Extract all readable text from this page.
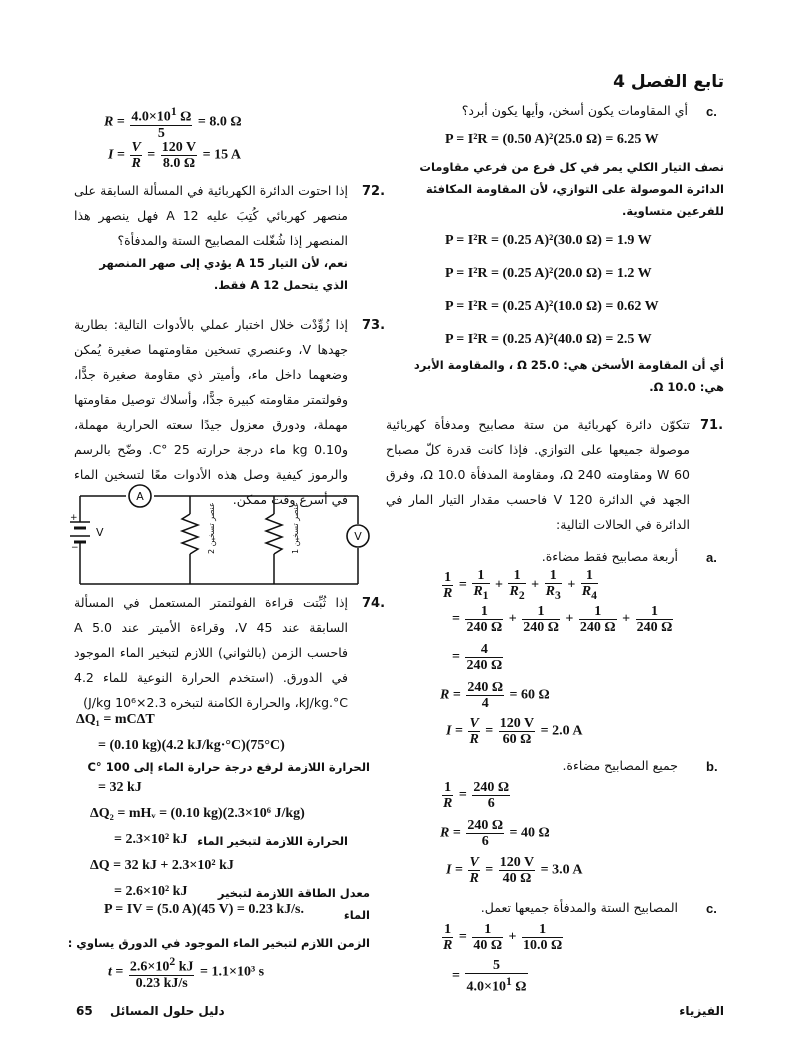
تابع الفصل 4
c.
أي المقاومات يكون أسخن، وأيها يكون أبرد؟
P = I²R = (0.50 A)²(25.0 Ω) = 6.25 W
نصف التيار الكلي يمر في كل فرع من فرعي مقاومات الدائرة الموصولة على التوازي، لأن المقاومة المكافئة للفرعين متساوية.
P = I²R = (0.25 A)²(30.0 Ω) = 1.9 W
P = I²R = (0.25 A)²(20.0 Ω) = 1.2 W
P = I²R = (0.25 A)²(10.0 Ω) = 0.62 W
P = I²R = (0.25 A)²(40.0 Ω) = 2.5 W
أي أن المقاومة الأسخن هي: 25.0 Ω ، والمقاومة الأبرد هي: 10.0 Ω.
71.
تتكوّن دائرة كهربائية من ستة مصابيح ومدفأة كهربائية موصولة جميعها على التوازي. فإذا كانت قدرة كلّ مصباح 60 W ومقاومته 240 Ω، ومقاومة المدفأة 10.0 Ω، وفرق الجهد في الدائرة 120 V فاحسب مقدار التيار المار في الدائرة في الحالات التالية:
a.
أربعة مصابيح فقط مضاءة.
$\frac{1}{R} = \frac{1}{R_1} + \frac{1}{R_2} + \frac{1}{R_3} + \frac{1}{R_4}$
= $\frac{1}{240 \Omega} + \frac{1}{240 \Omega} + \frac{1}{240 \Omega} + \frac{1}{240 \Omega}$
= $\frac{4}{240 \Omega}$
$R = \frac{240 \Omega}{4} = 60$ Ω
$I = \frac{V}{R} = \frac{120 V}{60 \Omega} = 2.0$ A
b.
جميع المصابيح مضاءة.
$\frac{1}{R} = \frac{240 \Omega}{6}$
$R = \frac{240 \Omega}{6} = 40$ Ω
$I = \frac{V}{R} = \frac{120 V}{40 \Omega} = 3.0$ A
c.
المصابيح الستة والمدفأة جميعها تعمل.
$\frac{1}{R} = \frac{1}{40 \Omega} + \frac{1}{10.0 \Omega}$
= $\frac{5}{4.0\times 10^1 \Omega}$
$R = \frac{4.0\times 10^1 \Omega}{5} = 8.0$ Ω
$I = \frac{V}{R} = \frac{120 V}{8.0 \Omega} = 15$ A
72.
إذا احتوت الدائرة الكهربائية في المسألة السابقة على منصهر كهربائي كُتِبَ عليه 12 A فهل ينصهر هذا المنصهر إذا شُغّلت المصابيح الستة والمدفأة؟
نعم، لأن التيار 15 A يؤدي إلى صهر المنصهر الذي يتحمل 12 A فقط.
73.
إذا زُوِّدْت خلال اختبار عملي بالأدوات التالية: بطارية جهدها V، وعنصري تسخين مقاومتهما صغيرة يُمكن وضعهما داخل ماء، وأميتر ذي مقاومة صغيرة جدًّا، وفولتمتر مقاومته كبيرة جدًّا، وأسلاك توصيل مقاومتها مهملة، ودورق معزول جيدًا سعته الحرارية مهملة، و0.10 kg ماء درجة حرارته 25 °C. وضّح بالرسم والرموز كيفية وصل هذه الأدوات معًا لتسخين الماء في أسرع وقت ممكن.
+
−
V
A
V
عنصر تسخين 2
عنصر تسخين 1
74.
إذا ثُبِّتت قراءة الفولتمتر المستعمل في المسألة السابقة عند 45 V، وقراءة الأميتر عند 5.0 A فاحسب الزمن (بالثواني) اللازم لتبخير الماء الموجود في الدورق. (استخدم الحرارة النوعية للماء 4.2 kJ/kg.°C، والحرارة الكامنة لتبخره 2.3×10⁶ J/kg)
ΔQ₁ = mCΔT
= (0.10 kg)(4.2 kJ/kg·°C)(75°C)
الحرارة اللازمة لرفع درجة حرارة الماء إلى 100 °C
= 32 kJ
ΔQ₂ = mHᵥ = (0.10 kg)(2.3×10⁶ J/kg)
= 2.3×10² kJ الحرارة اللازمة لتبخير الماء
ΔQ = 32 kJ + 2.3×10² kJ
= 2.6×10² kJ	معدل الطاقة اللازمة لتبخير الماء
P = IV = (5.0 A)(45 V) = 0.23 kJ/s.
الزمن اللازم لتبخير الماء الموجود في الدورق يساوي :
$t = \frac{2.6\times 10^2 kJ}{0.23 kJ/s} = 1.1\times 10^3$ s
الفيزياء
65 دليل حلول المسائل
